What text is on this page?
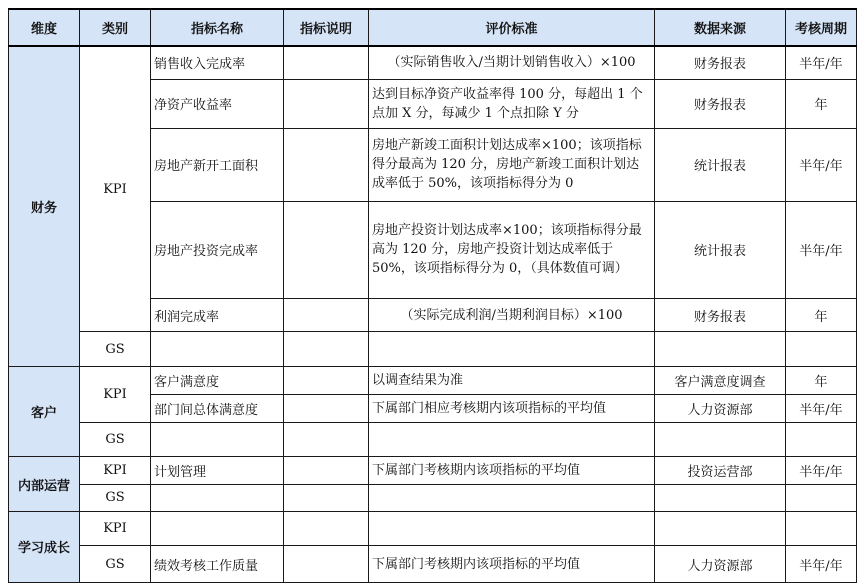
维度	类别	指标名称	指标说明	评价标准	数据来源	考核周期
财务	KPI	销售收入完成率		（实际销售收入/当期计划销售收入）×100	财务报表	半年/年
		净资产收益率		达到目标净资产收益率得 100 分，每超出 1 个点加 X 分，每减少 1 个点扣除 Y 分	财务报表	年
		房地产新开工面积		房地产新竣工面积计划达成率×100；该项指标得分最高为 120 分，房地产新竣工面积计划达成率低于 50%，该项指标得分为 0	统计报表	半年/年
		房地产投资完成率		房地产投资计划达成率×100；该项指标得分最高为 120 分，房地产投资计划达成率低于 50%，该项指标得分为 0，（具体数值可调）	统计报表	半年/年
		利润完成率		（实际完成利润/当期利润目标）×100	财务报表	年
	GS					
客户	KPI	客户满意度		以调查结果为准	客户满意度调查	年
		部门间总体满意度		下属部门相应考核期内该项指标的平均值	人力资源部	半年/年
	GS					
内部运营	KPI	计划管理		下属部门考核期内该项指标的平均值	投资运营部	半年/年
	GS					
学习成长	KPI					
	GS	绩效考核工作质量		下属部门考核期内该项指标的平均值	人力资源部	半年/年
